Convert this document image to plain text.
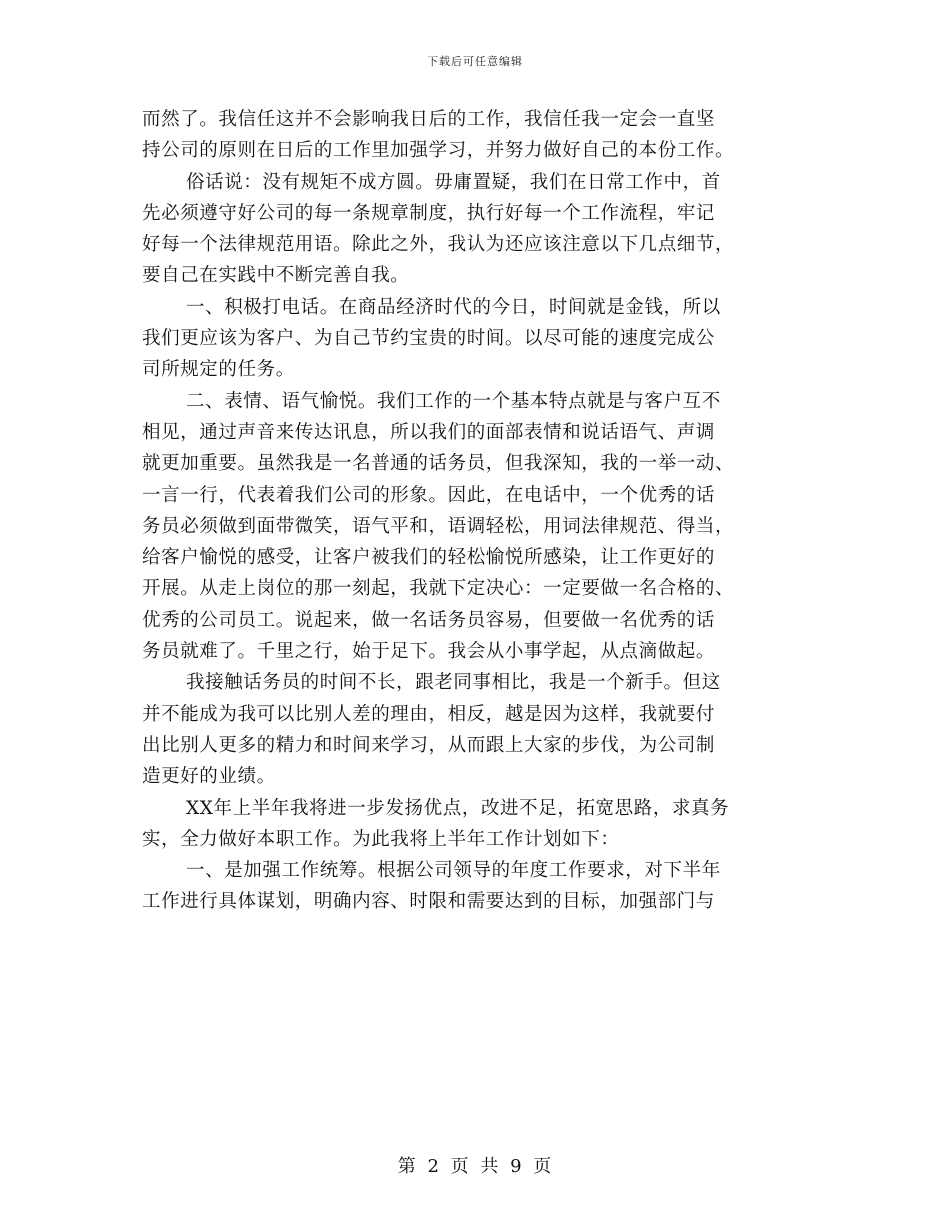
下载后可任意编辑

而然了。我信任这并不会影响我日后的工作，我信任我一定会一直坚
持公司的原则在日后的工作里加强学习，并努力做好自己的本份工作。

俗话说：没有规矩不成方圆。毋庸置疑，我们在日常工作中，首
先必须遵守好公司的每一条规章制度，执行好每一个工作流程，牢记
好每一个法律规范用语。除此之外，我认为还应该注意以下几点细节，
要自己在实践中不断完善自我。

一、积极打电话。在商品经济时代的今日，时间就是金钱，所以
我们更应该为客户、为自己节约宝贵的时间。以尽可能的速度完成公
司所规定的任务。

二、表情、语气愉悦。我们工作的一个基本特点就是与客户互不
相见，通过声音来传达讯息，所以我们的面部表情和说话语气、声调
就更加重要。虽然我是一名普通的话务员，但我深知，我的一举一动、
一言一行，代表着我们公司的形象。因此，在电话中，一个优秀的话
务员必须做到面带微笑，语气平和，语调轻松，用词法律规范、得当，
给客户愉悦的感受，让客户被我们的轻松愉悦所感染，让工作更好的
开展。从走上岗位的那一刻起，我就下定决心：一定要做一名合格的、
优秀的公司员工。说起来，做一名话务员容易，但要做一名优秀的话
务员就难了。千里之行，始于足下。我会从小事学起，从点滴做起。

我接触话务员的时间不长，跟老同事相比，我是一个新手。但这
并不能成为我可以比别人差的理由，相反，越是因为这样，我就要付
出比别人更多的精力和时间来学习，从而跟上大家的步伐，为公司制
造更好的业绩。

XX年上半年我将进一步发扬优点，改进不足，拓宽思路，求真务
实，全力做好本职工作。为此我将上半年工作计划如下：

一、是加强工作统筹。根据公司领导的年度工作要求，对下半年
工作进行具体谋划，明确内容、时限和需要达到的目标，加强部门与

第 2 页 共 9 页
